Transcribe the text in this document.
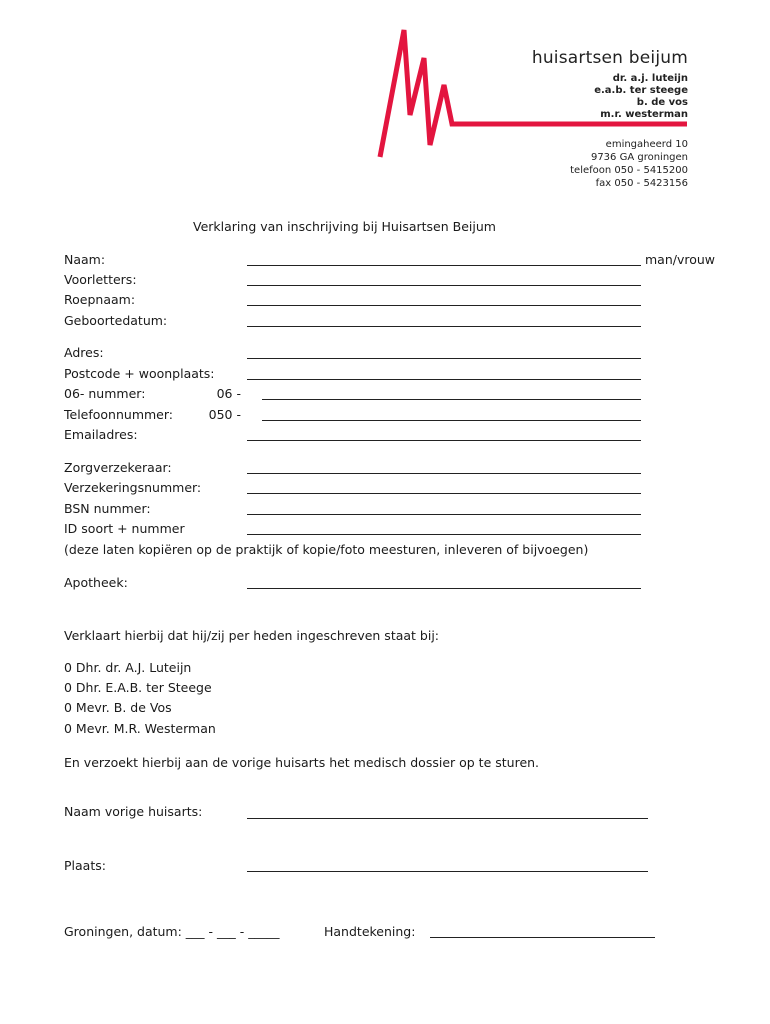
huisartsen beijum
dr. a.j. luteijn
e.a.b. ter steege
b. de vos
m.r. westerman
emingaheerd 10
9736 GA groningen
telefoon 050 - 5415200
fax 050 - 5423156
Verklaring van inschrijving bij Huisartsen Beijum
Naam:	man/vrouw
Voorletters:
Roepnaam:
Geboortedatum:
Adres:
Postcode + woonplaats:
06- nummer:	06 -
Telefoonnummer:	050 -
Emailadres:
Zorgverzekeraar:
Verzekeringsnummer:
BSN nummer:
ID soort + nummer
(deze laten kopiëren op de praktijk of kopie/foto meesturen, inleveren of bijvoegen)
Apotheek:
Verklaart hierbij dat hij/zij per heden ingeschreven staat bij:
0 Dhr. dr. A.J. Luteijn
0 Dhr. E.A.B. ter Steege
0 Mevr. B. de Vos
0 Mevr. M.R. Westerman
En verzoekt hierbij aan de vorige huisarts het medisch dossier op te sturen.
Naam vorige huisarts:
Plaats:
Groningen, datum: ___ - ___ - _____	Handtekening:
